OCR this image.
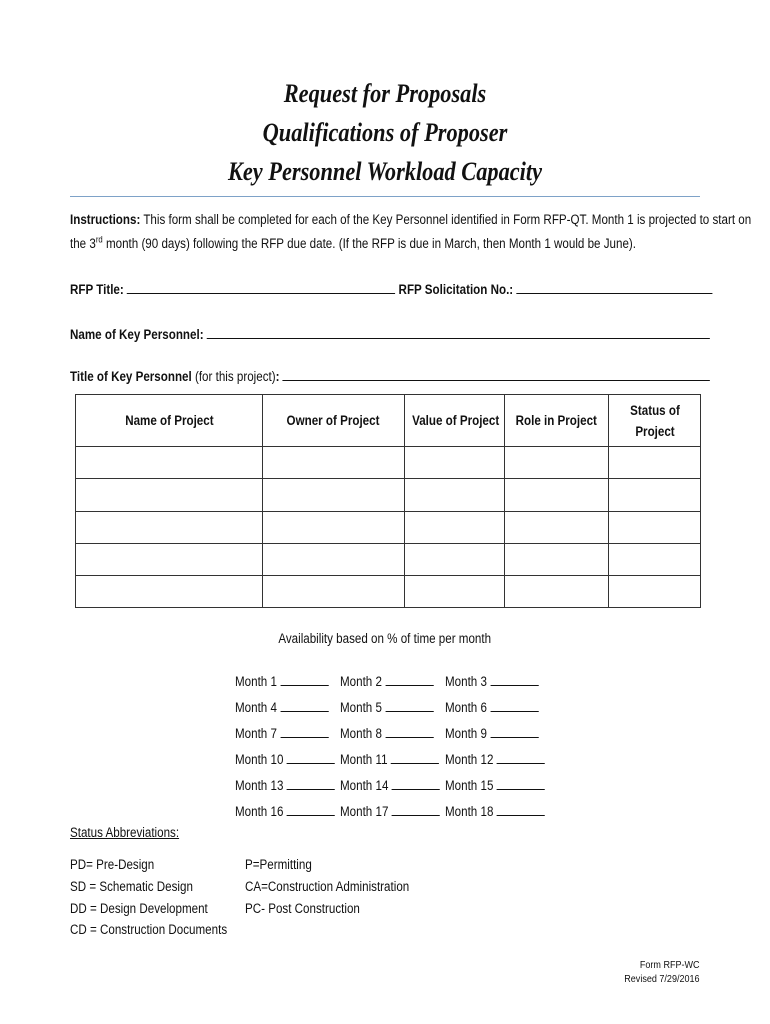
Request for Proposals
Qualifications of Proposer
Key Personnel Workload Capacity
Instructions: This form shall be completed for each of the Key Personnel identified in Form RFP-QT. Month 1 is projected to start on
the 3rd month (90 days) following the RFP due date. (If the RFP is due in March, then Month 1 would be June).
RFP Title:	RFP Solicitation No.:
Name of Key Personnel:
Title of Key Personnel (for this project):
Name of Project	Owner of Project	Value of Project	Role in Project	Status of Project

Availability based on % of time per month
Month 1	Month 2	Month 3
Month 4	Month 5	Month 6
Month 7	Month 8	Month 9
Month 10	Month 11	Month 12
Month 13	Month 14	Month 15
Month 16	Month 17	Month 18
Status Abbreviations:
PD= Pre-Design
SD = Schematic Design
DD = Design Development
CD = Construction Documents
P=Permitting
CA=Construction Administration
PC- Post Construction
Form RFP-WC
Revised 7/29/2016
